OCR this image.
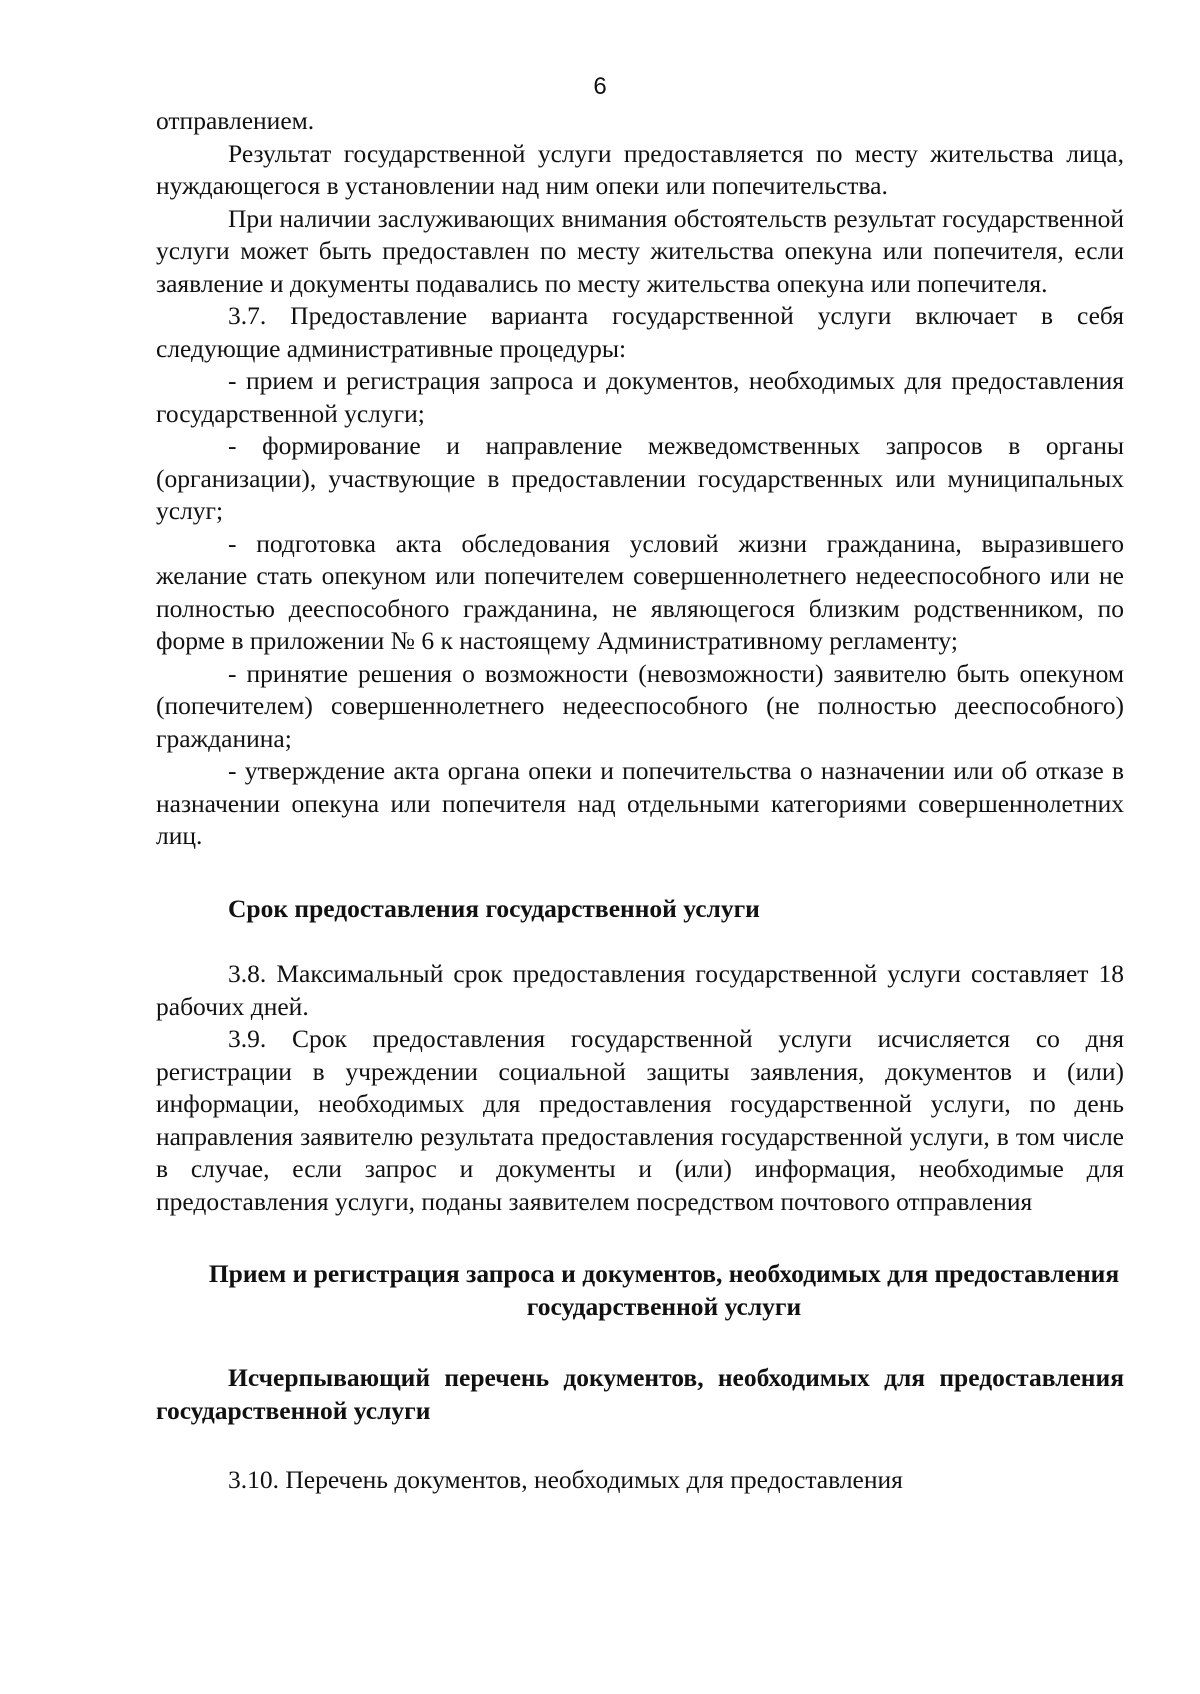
6

отправлением.

Результат государственной услуги предоставляется по месту жительства лица, нуждающегося в установлении над ним опеки или попечительства.

При наличии заслуживающих внимания обстоятельств результат государственной услуги может быть предоставлен по месту жительства опекуна или попечителя, если заявление и документы подавались по месту жительства опекуна или попечителя.

3.7. Предоставление варианта государственной услуги включает в себя следующие административные процедуры:

- прием и регистрация запроса и документов, необходимых для предоставления государственной услуги;

- формирование и направление межведомственных запросов в органы (организации), участвующие в предоставлении государственных или муниципальных услуг;

- подготовка акта обследования условий жизни гражданина, выразившего желание стать опекуном или попечителем совершеннолетнего недееспособного или не полностью дееспособного гражданина, не являющегося близким родственником, по форме в приложении № 6 к настоящему Административному регламенту;

- принятие решения о возможности (невозможности) заявителю быть опекуном (попечителем) совершеннолетнего недееспособного (не полностью дееспособного) гражданина;

- утверждение акта органа опеки и попечительства о назначении или об отказе в назначении опекуна или попечителя над отдельными категориями совершеннолетних лиц.

Срок предоставления государственной услуги

3.8. Максимальный срок предоставления государственной услуги составляет 18 рабочих дней.

3.9. Срок предоставления государственной услуги исчисляется со дня регистрации в учреждении социальной защиты заявления, документов и (или) информации, необходимых для предоставления государственной услуги, по день направления заявителю результата предоставления государственной услуги, в том числе в случае, если запрос и документы и (или) информация, необходимые для предоставления услуги, поданы заявителем посредством почтового отправления

Прием и регистрация запроса и документов, необходимых для предоставления государственной услуги

Исчерпывающий перечень документов, необходимых для предоставления государственной услуги

3.10. Перечень документов, необходимых для предоставления
